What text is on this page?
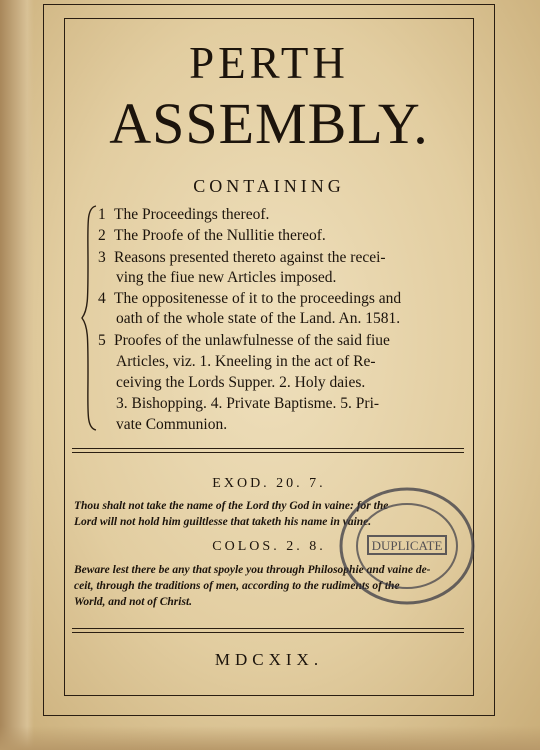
PERTH
ASSEMBLY.
CONTAINING
1 The Proceedings thereof.
2 The Proofe of the Nullitie thereof.
3 Reasons presented thereto against the recei-
ving the fiue new Articles imposed.
4 The oppositenesse of it to the proceedings and
oath of the whole state of the Land. An. 1581.
5 Proofes of the unlawfulnesse of the said fiue
Articles, viz. 1. Kneeling in the act of Re-
ceiving the Lords Supper. 2. Holy daies.
3. Bishopping. 4. Private Baptisme. 5. Pri-
vate Communion.
EXOD. 20. 7.
Thou shalt not take the name of the Lord thy God in vaine: for the
Lord will not hold him guiltlesse that taketh his name in vaine.
COLOS. 2. 8.
Beware lest there be any that spoyle you through Philosophie and vaine de-
ceit, through the traditions of men, according to the rudiments of the
World, and not of Christ.
DUPLICATE
MDCXIX.
